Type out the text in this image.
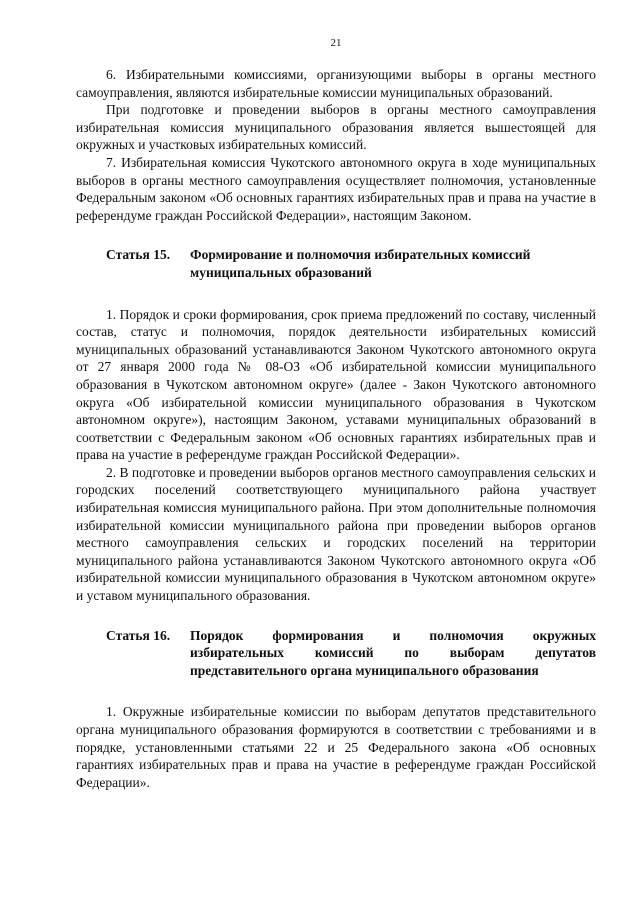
21

6. Избирательными комиссиями, организующими выборы в органы местного самоуправления, являются избирательные комиссии муниципальных образований.

При подготовке и проведении выборов в органы местного самоуправления избирательная комиссия муниципального образования является вышестоящей для окружных и участковых избирательных комиссий.

7. Избирательная комиссия Чукотского автономного округа в ходе муниципальных выборов в органы местного самоуправления осуществляет полномочия, установленные Федеральным законом «Об основных гарантиях избирательных прав и права на участие в референдуме граждан Российской Федерации», настоящим Законом.

Статья 15.	Формирование и полномочия избирательных комиссий
муниципальных образований

1. Порядок и сроки формирования, срок приема предложений по составу, численный состав, статус и полномочия, порядок деятельности избирательных комиссий муниципальных образований устанавливаются Законом Чукотского автономного округа от 27 января 2000 года № 08-ОЗ «Об избирательной комиссии муниципального образования в Чукотском автономном округе» (далее - Закон Чукотского автономного округа «Об избирательной комиссии муниципального образования в Чукотском автономном округе»), настоящим Законом, уставами муниципальных образований в соответствии с Федеральным законом «Об основных гарантиях избирательных прав и права на участие в референдуме граждан Российской Федерации».

2. В подготовке и проведении выборов органов местного самоуправления сельских и городских поселений соответствующего муниципального района участвует избирательная комиссия муниципального района. При этом дополнительные полномочия избирательной комиссии муниципального района при проведении выборов органов местного самоуправления сельских и городских поселений на территории муниципального района устанавливаются Законом Чукотского автономного округа «Об избирательной комиссии муниципального образования в Чукотском автономном округе» и уставом муниципального образования.

Статья 16.	Порядок формирования и полномочия окружных
избирательных комиссий по выборам депутатов
представительного органа муниципального образования

1. Окружные избирательные комиссии по выборам депутатов представительного органа муниципального образования формируются в соответствии с требованиями и в порядке, установленными статьями 22 и 25 Федерального закона «Об основных гарантиях избирательных прав и права на участие в референдуме граждан Российской Федерации».
